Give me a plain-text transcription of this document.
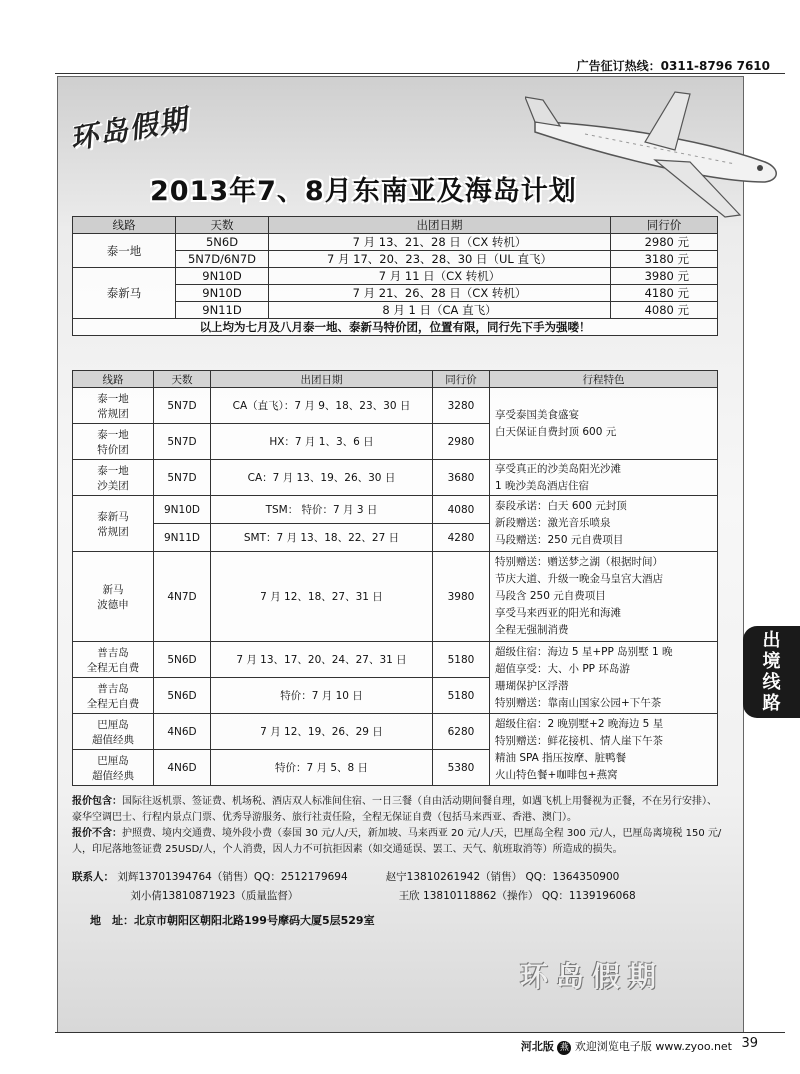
广告征订热线：0311-8796 7610
环岛假期
2013年7、8月东南亚及海岛计划
线路	天数	出团日期	同行价
泰一地	5N6D	7 月 13、21、28 日（CX 转机）	2980 元
	5N7D/6N7D	7 月 17、20、23、28、30 日（UL 直飞）	3180 元
泰新马	9N10D	7 月 11 日（CX 转机）	3980 元
	9N10D	7 月 21、26、28 日（CX 转机）	4180 元
	9N11D	8 月 1 日（CA 直飞）	4080 元
以上均为七月及八月泰一地、泰新马特价团，位置有限，同行先下手为强喽！			
线路	天数	出团日期	同行价	行程特色
泰一地
常规团	5N7D	CA（直飞）：7 月 9、18、23、30 日	3280	享受泰国美食盛宴
白天保证自费封顶 600 元
泰一地
特价团	5N7D	HX：7 月 1、3、6 日	2980	
泰一地
沙美团	5N7D	CA：7 月 13、19、26、30 日	3680	享受真正的沙美岛阳光沙滩
1 晚沙美岛酒店住宿
泰新马
常规团	9N10D	TSM： 特价：7 月 3 日	4080	泰段承诺：白天 600 元封顶
新段赠送：激光音乐喷泉
马段赠送：250 元自费项目
	9N11D	SMT：7 月 13、18、22、27 日	4280	
新马
波德申	4N7D	7 月 12、18、27、31 日	3980	特别赠送：赠送梦之湖（根据时间）
节庆大道、升级一晚金马皇宫大酒店
马段含 250 元自费项目
享受马来西亚的阳光和海滩
全程无强制消费
普吉岛
全程无自费	5N6D	7 月 13、17、20、24、27、31 日	5180	超级住宿：海边 5 星+PP 岛别墅 1 晚
超值享受：大、小 PP 环岛游
珊瑚保护区浮潜
特别赠送：靠南山国家公园+下午茶
普吉岛
全程无自费	5N6D	特价：7 月 10 日	5180	
巴厘岛
超值经典	4N6D	7 月 12、19、26、29 日	6280	超级住宿：2 晚别墅+2 晚海边 5 星
特别赠送：鲜花接机、情人崖下午茶
精油 SPA 指压按摩、脏鸭餐
火山特色餐+咖啡包+燕窝
巴厘岛
超值经典	4N6D	特价：7 月 5、8 日	5380	
报价包含：国际往返机票、签证费、机场税、酒店双人标准间住宿、一日三餐（自由活动期间餐自理，如遇飞机上用餐视为正餐，不在另行安排）、豪华空调巴士、行程内景点门票、优秀导游服务、旅行社责任险，全程无保证自费（包括马来西亚、香港、澳门）。
报价不含：护照费、境内交通费、境外段小费（泰国 30 元/人/天，新加坡、马来西亚 20 元/人/天，巴厘岛全程 300 元/人，巴厘岛离境税 150 元/人，印尼落地签证费 25USD/人，个人消费，因人力不可抗拒因素（如交通延误、罢工、天气、航班取消等）所造成的损失。
联系人： 刘辉13701394764（销售）QQ：2512179694	赵宁13810261942（销售） QQ：1364350900
刘小倩13810871923（质量监督）	王欣 13810118862（操作） QQ：1139196068
地　址：北京市朝阳区朝阳北路199号摩码大厦5层529室
环岛假期
出
境
线
路
河北版 燕 欢迎浏览电子版 www.zyoo.net 39
